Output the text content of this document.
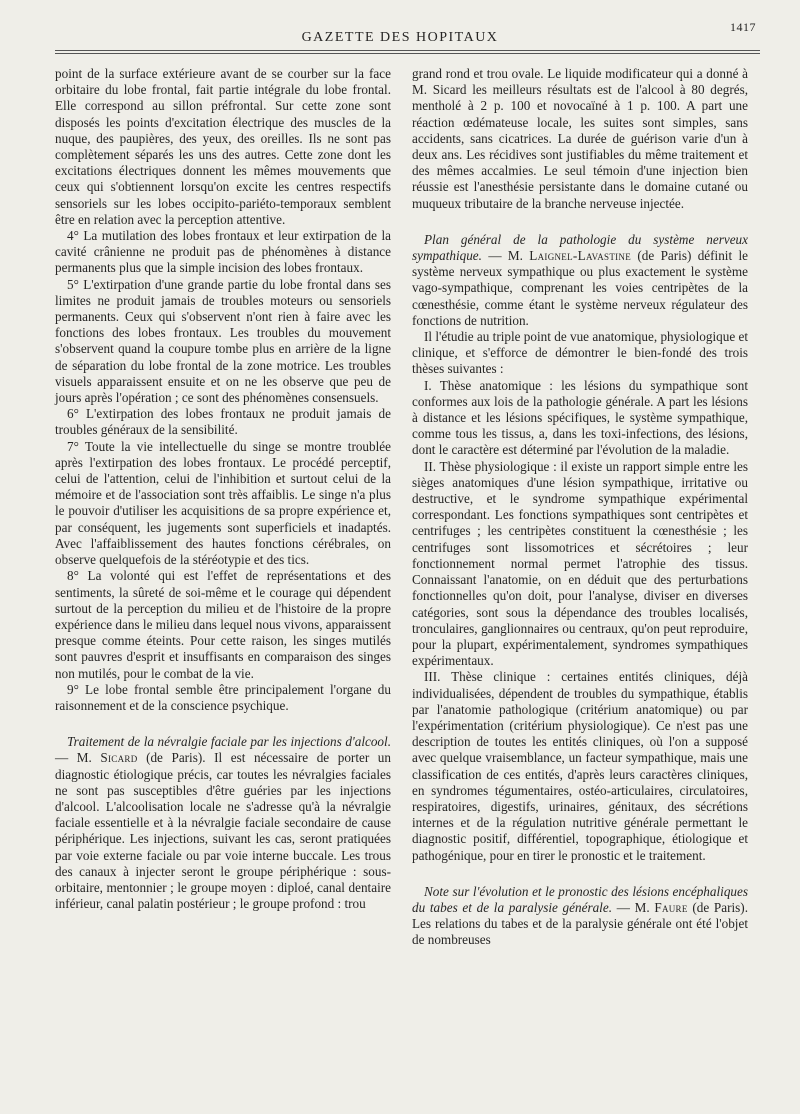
1417
GAZETTE DES HOPITAUX

point de la surface extérieure avant de se courber sur la face orbitaire du lobe frontal, fait partie intégrale du lobe frontal. Elle correspond au sillon préfrontal. Sur cette zone sont disposés les points d'excitation électrique des muscles de la nuque, des paupières, des yeux, des oreilles. Ils ne sont pas complètement séparés les uns des autres. Cette zone dont les excitations électriques donnent les mêmes mouvements que ceux qui s'obtiennent lorsqu'on excite les centres respectifs sensoriels sur les lobes occipito-pariéto-temporaux semblent être en relation avec la perception attentive.

4° La mutilation des lobes frontaux et leur extirpation de la cavité crânienne ne produit pas de phénomènes à distance permanents plus que la simple incision des lobes frontaux.

5° L'extirpation d'une grande partie du lobe frontal dans ses limites ne produit jamais de troubles moteurs ou sensoriels permanents. Ceux qui s'observent n'ont rien à faire avec les fonctions des lobes frontaux. Les troubles du mouvement s'observent quand la coupure tombe plus en arrière de la ligne de séparation du lobe frontal de la zone motrice. Les troubles visuels apparaissent ensuite et on ne les observe que peu de jours après l'opération ; ce sont des phénomènes consensuels.

6° L'extirpation des lobes frontaux ne produit jamais de troubles généraux de la sensibilité.

7° Toute la vie intellectuelle du singe se montre troublée après l'extirpation des lobes frontaux. Le procédé perceptif, celui de l'attention, celui de l'inhibition et surtout celui de la mémoire et de l'association sont très affaiblis. Le singe n'a plus le pouvoir d'utiliser les acquisitions de sa propre expérience et, par conséquent, les jugements sont superficiels et inadaptés. Avec l'affaiblissement des hautes fonctions cérébrales, on observe quelquefois de la stéréotypie et des tics.

8° La volonté qui est l'effet de représentations et des sentiments, la sûreté de soi-même et le courage qui dépendent surtout de la perception du milieu et de l'histoire de la propre expérience dans le milieu dans lequel nous vivons, apparaissent presque comme éteints. Pour cette raison, les singes mutilés sont pauvres d'esprit et insuffisants en comparaison des singes non mutilés, pour le combat de la vie.

9° Le lobe frontal semble être principalement l'organe du raisonnement et de la conscience psychique.

Traitement de la névralgie faciale par les injections d'alcool. — M. Sicard (de Paris). Il est nécessaire de porter un diagnostic étiologique précis, car toutes les névralgies faciales ne sont pas susceptibles d'être guéries par les injections d'alcool. L'alcoolisation locale ne s'adresse qu'à la névralgie faciale essentielle et à la névralgie faciale secondaire de cause périphérique. Les injections, suivant les cas, seront pratiquées par voie externe faciale ou par voie interne buccale. Les trous des canaux à injecter seront le groupe périphérique : sous-orbitaire, mentonnier ; le groupe moyen : diploé, canal dentaire inférieur, canal palatin postérieur ; le groupe profond : trou

grand rond et trou ovale. Le liquide modificateur qui a donné à M. Sicard les meilleurs résultats est de l'alcool à 80 degrés, mentholé à 2 p. 100 et novocaïné à 1 p. 100. A part une réaction œdémateuse locale, les suites sont simples, sans accidents, sans cicatrices. La durée de guérison varie d'un à deux ans. Les récidives sont justifiables du même traitement et des mêmes accalmies. Le seul témoin d'une injection bien réussie est l'anesthésie persistante dans le domaine cutané ou muqueux tributaire de la branche nerveuse injectée.

Plan général de la pathologie du système nerveux sympathique. — M. Laignel-Lavastine (de Paris) définit le système nerveux sympathique ou plus exactement le système vago-sympathique, comprenant les voies centripètes de la cœnesthésie, comme étant le système nerveux régulateur des fonctions de nutrition.

Il l'étudie au triple point de vue anatomique, physiologique et clinique, et s'efforce de démontrer le bien-fondé des trois thèses suivantes :

I. Thèse anatomique : les lésions du sympathique sont conformes aux lois de la pathologie générale. A part les lésions à distance et les lésions spécifiques, le système sympathique, comme tous les tissus, a, dans les toxi-infections, des lésions, dont le caractère est déterminé par l'évolution de la maladie.

II. Thèse physiologique : il existe un rapport simple entre les sièges anatomiques d'une lésion sympathique, irritative ou destructive, et le syndrome sympathique expérimental correspondant. Les fonctions sympathiques sont centripètes et centrifuges ; les centripètes constituent la cœnesthésie ; les centrifuges sont lissomotrices et sécrétoires ; leur fonctionnement normal permet l'atrophie des tissus. Connaissant l'anatomie, on en déduit que des perturbations fonctionnelles qu'on doit, pour l'analyse, diviser en diverses catégories, sont sous la dépendance des troubles localisés, tronculaires, ganglionnaires ou centraux, qu'on peut reproduire, pour la plupart, expérimentalement, syndromes sympathiques expérimentaux.

III. Thèse clinique : certaines entités cliniques, déjà individualisées, dépendent de troubles du sympathique, établis par l'anatomie pathologique (critérium anatomique) ou par l'expérimentation (critérium physiologique). Ce n'est pas une description de toutes les entités cliniques, où l'on a supposé avec quelque vraisemblance, un facteur sympathique, mais une classification de ces entités, d'après leurs caractères cliniques, en syndromes tégumentaires, ostéo-articulaires, circulatoires, respiratoires, digestifs, urinaires, génitaux, des sécrétions internes et de la régulation nutritive générale permettant le diagnostic positif, différentiel, topographique, étiologique et pathogénique, pour en tirer le pronostic et le traitement.

Note sur l'évolution et le pronostic des lésions encéphaliques du tabes et de la paralysie générale. — M. Faure (de Paris). Les relations du tabes et de la paralysie générale ont été l'objet de nombreuses
